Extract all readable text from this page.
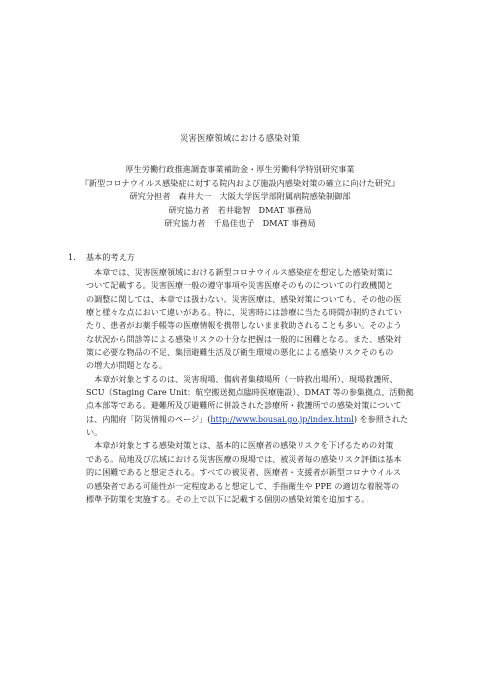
災害医療領域における感染対策
厚生労働行政推進調査事業補助金・厚生労働科学特別研究事業
『新型コロナウイルス感染症に対する院内および施設内感染対策の確立に向けた研究』
研究分担者　森井大一　大阪大学医学部附属病院感染制御部
研究協力者　若井聡智　DMAT 事務局
研究協力者　千島佳也子　DMAT 事務局
1. 基本的考え方
　本章では、災害医療領域における新型コロナウイルス感染症を想定した感染対策に
ついて記載する。災害医療一般の遵守事項や災害医療そのものについての行政機関と
の調整に関しては、本章では扱わない。災害医療は、感染対策についても、その他の医
療と様々な点において違いがある。特に、災害時には診療に当たる時間が制約されてい
たり、患者がお薬手帳等の医療情報を携帯しないまま救助されることも多い。そのよう
な状況から問診等による感染リスクの十分な把握は一般的に困難となる。また、感染対
策に必要な物品の不足、集団避難生活及び衛生環境の悪化による感染リスクそのもの
の増大が問題となる。
　本章が対象とするのは、災害現場、傷病者集積場所（一時救出場所）、現場救護所、
SCU（Staging Care Unit：航空搬送拠点臨時医療施設）、DMAT 等の参集拠点、活動拠
点本部等である。避難所及び避難所に併設された診療所・救護所での感染対策について
は、内閣府「防災情報のページ」(http://www.bousai.go.jp/index.html) を参照された
い。
　本章が対象とする感染対策とは、基本的に医療者の感染リスクを下げるための対策
である。局地及び広域における災害医療の現場では、被災者毎の感染リスク評価は基本
的に困難であると想定される。すべての被災者、医療者・支援者が新型コロナウイルス
の感染者である可能性が一定程度あると想定して、手指衛生や PPE の適切な着脱等の
標準予防策を実施する。その上で以下に記載する個別の感染対策を追加する。
